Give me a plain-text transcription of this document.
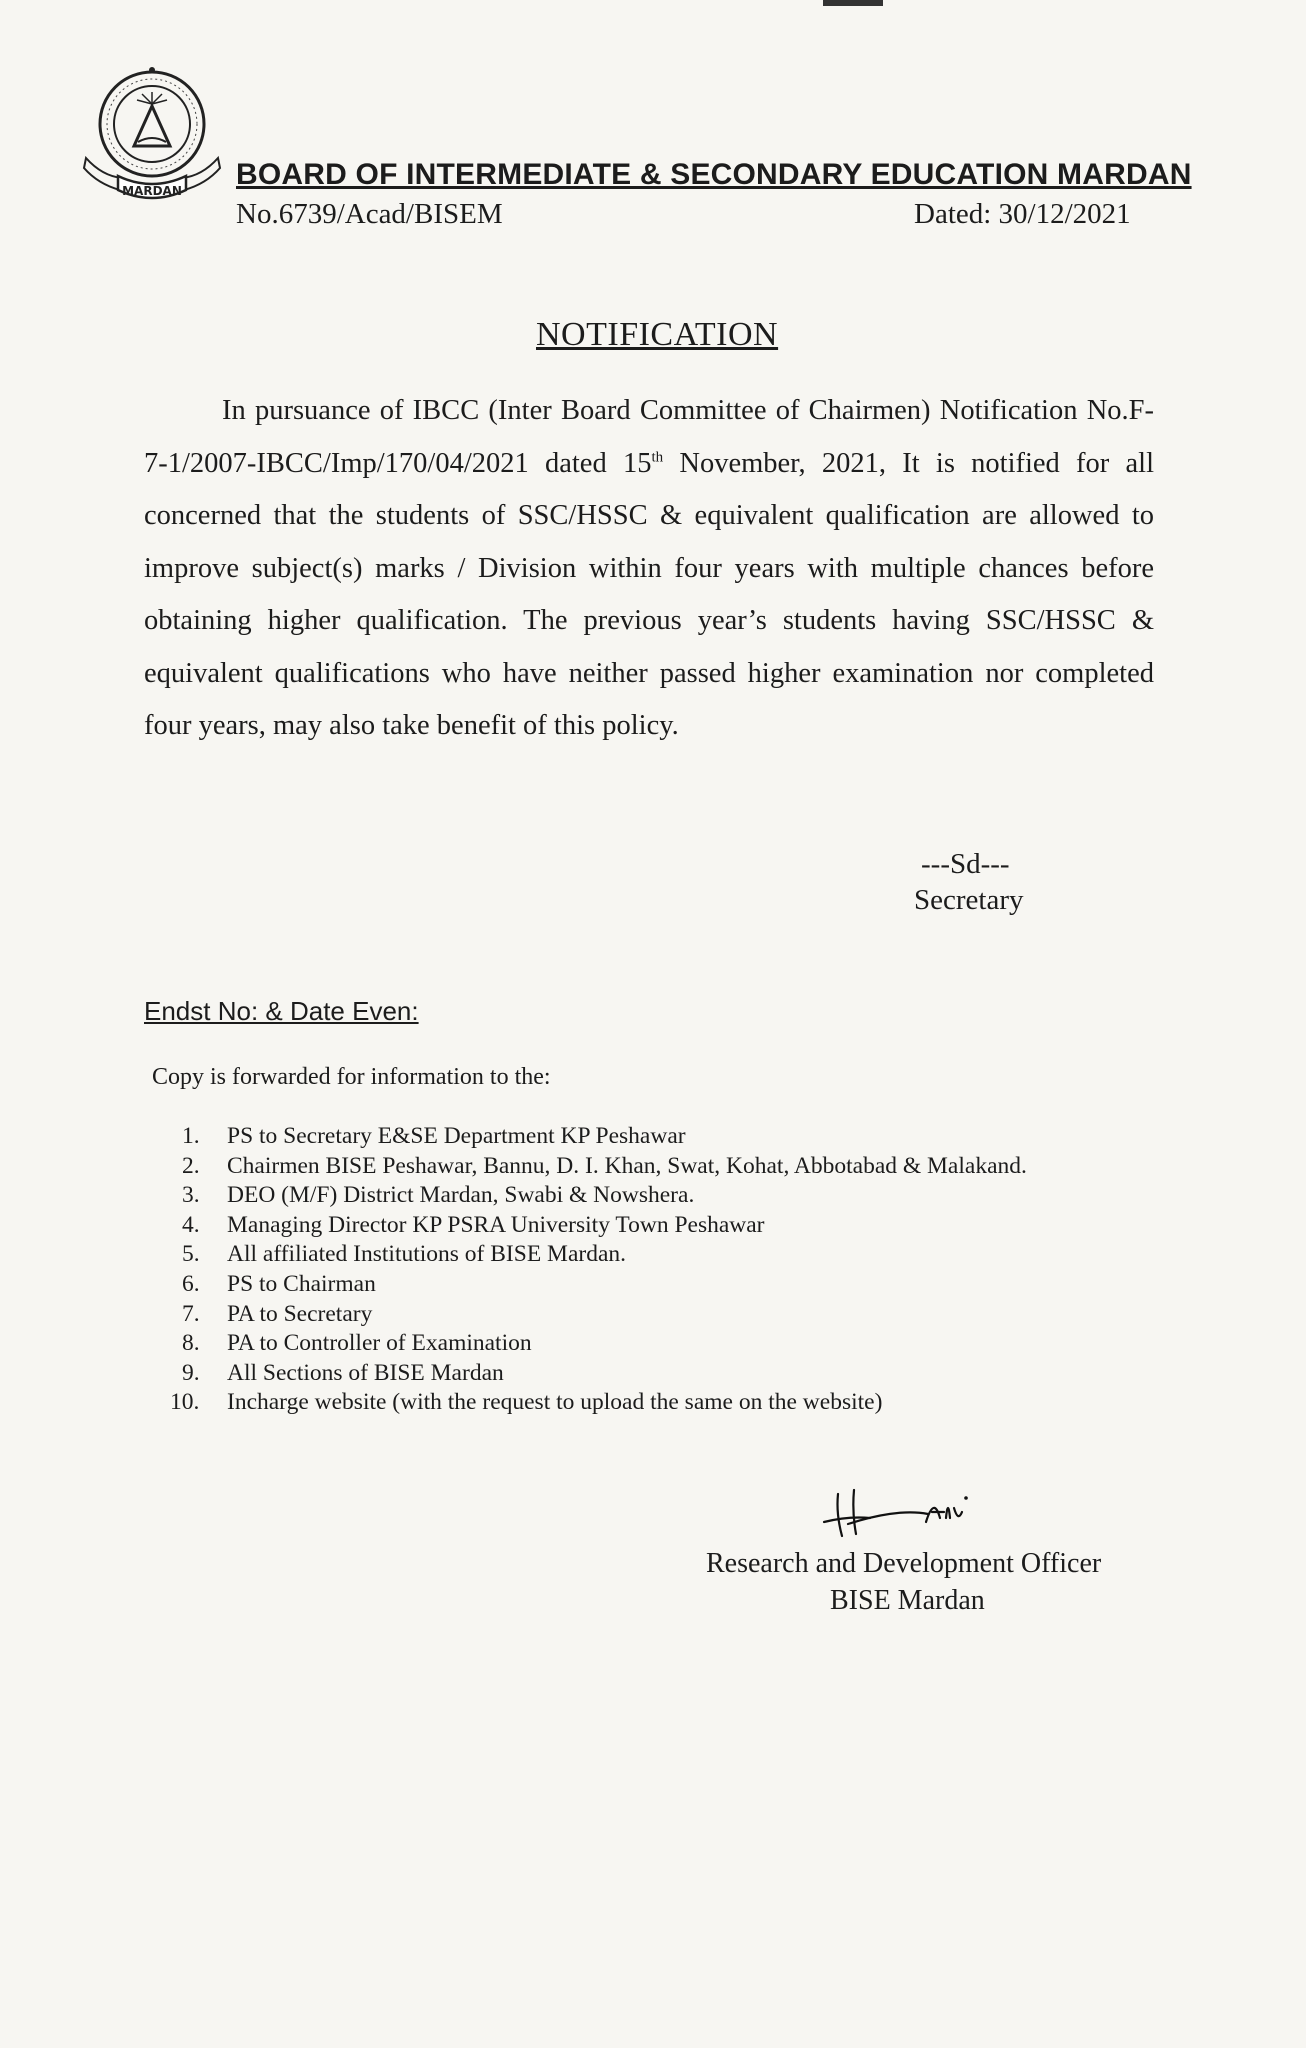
MARDAN BOARD OF INTERMEDIATE & SECONDARY EDUCATION MARDAN
No.6739/Acad/BISEM	Dated: 30/12/2021
NOTIFICATION
In pursuance of IBCC (Inter Board Committee of Chairmen) Notification No.F-7-1/2007-IBCC/Imp/170/04/2021 dated 15th November, 2021, It is notified for all concerned that the students of SSC/HSSC & equivalent qualification are allowed to improve subject(s) marks / Division within four years with multiple chances before obtaining higher qualification. The previous year’s students having SSC/HSSC & equivalent qualifications who have neither passed higher examination nor completed four years, may also take benefit of this policy.
---Sd---
Secretary
Endst No: & Date Even:
Copy is forwarded for information to the:
1. PS to Secretary E&SE Department KP Peshawar
2. Chairmen BISE Peshawar, Bannu, D. I. Khan, Swat, Kohat, Abbotabad & Malakand.
3. DEO (M/F) District Mardan, Swabi & Nowshera.
4. Managing Director KP PSRA University Town Peshawar
5. All affiliated Institutions of BISE Mardan.
6. PS to Chairman
7. PA to Secretary
8. PA to Controller of Examination
9. All Sections of BISE Mardan
10. Incharge website (with the request to upload the same on the website)
Research and Development Officer
BISE Mardan
